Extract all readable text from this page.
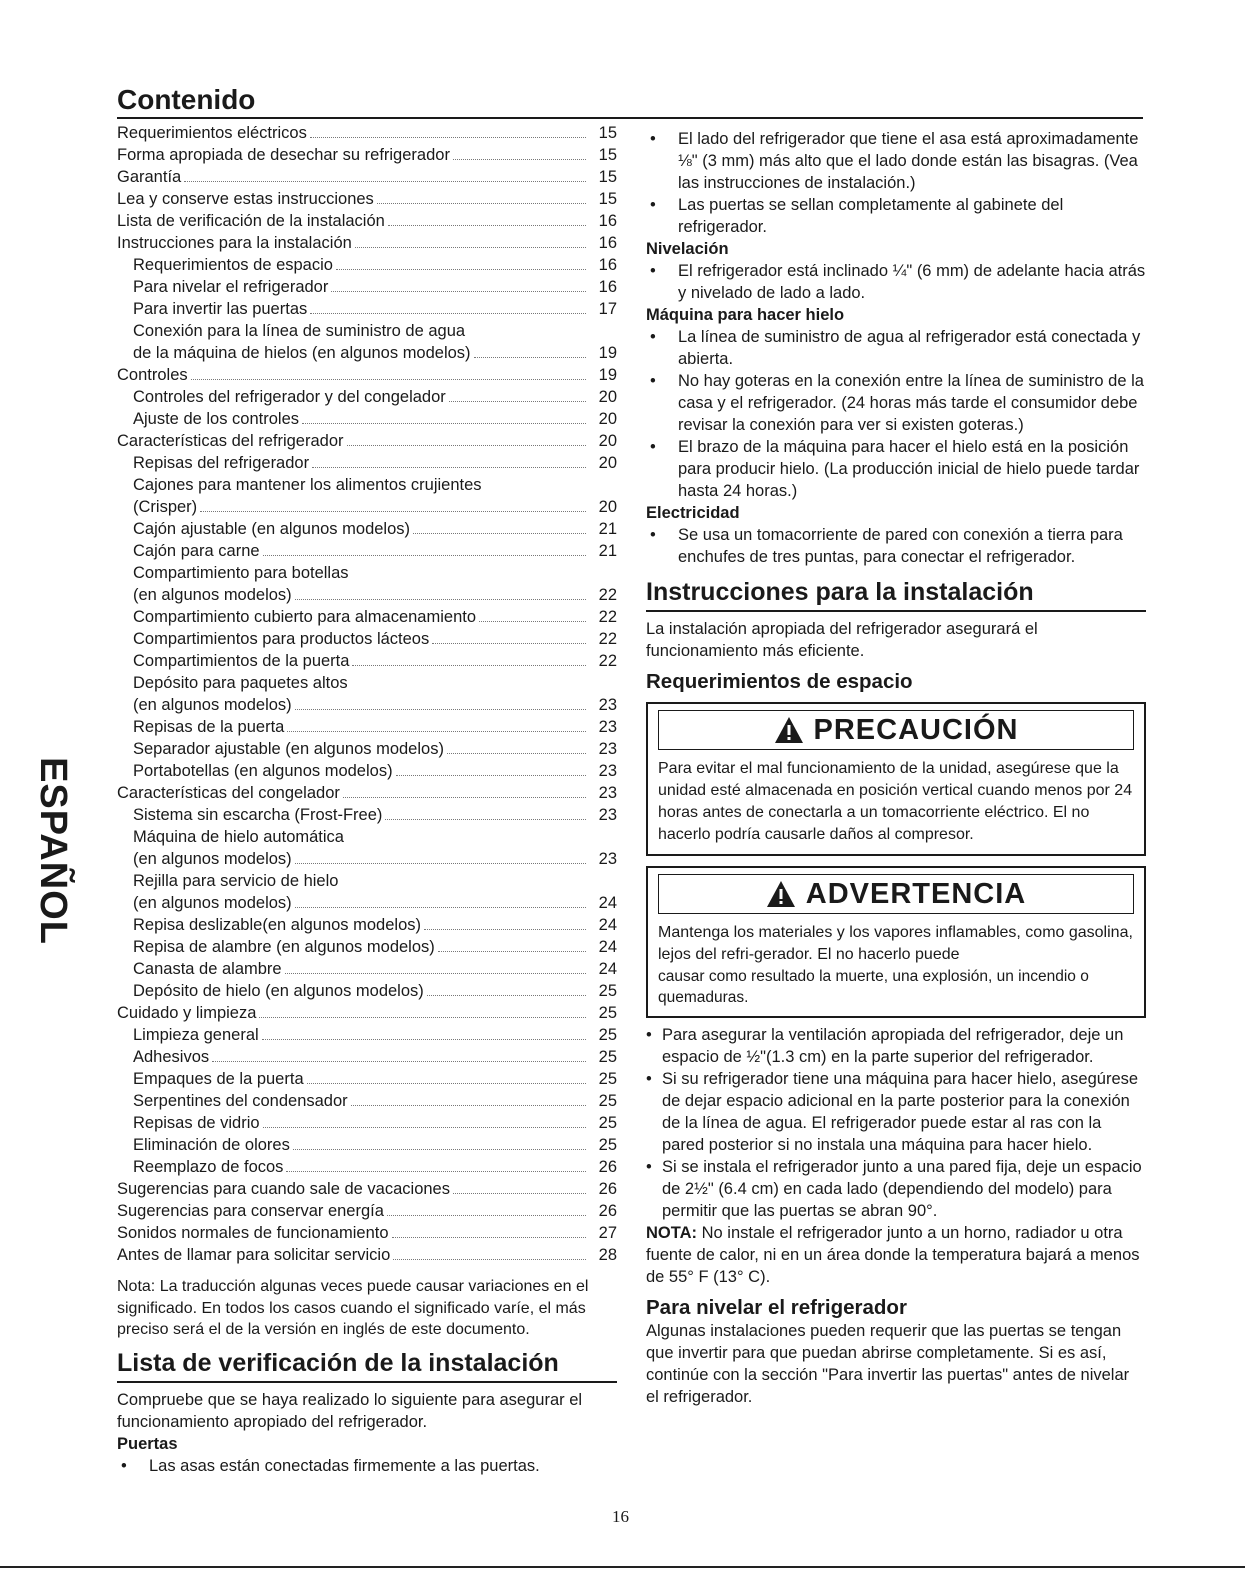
Contenido
Requerimientos eléctricos	15
Forma apropiada de desechar su refrigerador	15
Garantía	15
Lea y conserve estas instrucciones	15
Lista de verificación de la instalación	16
Instrucciones para la instalación	16
Requerimientos de espacio	16
Para nivelar el refrigerador	16
Para invertir las puertas	17
Conexión para la línea de suministro de agua
de la máquina de hielos (en algunos modelos)	19
Controles	19
Controles del refrigerador y del congelador	20
Ajuste de los controles	20
Características del refrigerador	20
Repisas del refrigerador	20
Cajones para mantener los alimentos crujientes
(Crisper)	20
Cajón ajustable (en algunos modelos)	21
Cajón para carne	21
Compartimiento para botellas
(en algunos modelos)	22
Compartimiento cubierto para almacenamiento	22
Compartimientos para productos lácteos	22
Compartimientos de la puerta	22
Depósito para paquetes altos
(en algunos modelos)	23
Repisas de la puerta	23
Separador ajustable (en algunos modelos)	23
Portabotellas (en algunos modelos)	23
Características del congelador	23
Sistema sin escarcha (Frost-Free)	23
Máquina de hielo automática
(en algunos modelos)	23
Rejilla para servicio de hielo
(en algunos modelos)	24
Repisa deslizable(en algunos modelos)	24
Repisa de alambre (en algunos modelos)	24
Canasta de alambre	24
Depósito de hielo (en algunos modelos)	25
Cuidado y limpieza	25
Limpieza general	25
Adhesivos	25
Empaques de la puerta	25
Serpentines del condensador	25
Repisas de vidrio	25
Eliminación de olores	25
Reemplazo de focos	26
Sugerencias para cuando sale de vacaciones	26
Sugerencias para conservar energía	26
Sonidos normales de funcionamiento	27
Antes de llamar para solicitar servicio	28
Nota: La traducción algunas veces puede causar variaciones en el significado. En todos los casos cuando el significado varíe, el más preciso será el de la versión en inglés de este documento.
Lista de verificación de la instalación
Compruebe que se haya realizado lo siguiente para asegurar el funcionamiento apropiado del refrigerador.
Puertas
• Las asas están conectadas firmemente a las puertas.
• El lado del refrigerador que tiene el asa está aproximadamente ⅛" (3 mm) más alto que el lado donde están las bisagras. (Vea las instrucciones de instalación.)
• Las puertas se sellan completamente al gabinete del refrigerador.
Nivelación
• El refrigerador está inclinado ¼" (6 mm) de adelante hacia atrás y nivelado de lado a lado.
Máquina para hacer hielo
• La línea de suministro de agua al refrigerador está conectada y abierta.
• No hay goteras en la conexión entre la línea de suministro de la casa y el refrigerador. (24 horas más tarde el consumidor debe revisar la conexión para ver si existen goteras.)
• El brazo de la máquina para hacer el hielo está en la posición para producir hielo. (La producción inicial de hielo puede tardar hasta 24 horas.)
Electricidad
• Se usa un tomacorriente de pared con conexión a tierra para enchufes de tres puntas, para conectar el refrigerador.
Instrucciones para la instalación
La instalación apropiada del refrigerador asegurará el funcionamiento más eficiente.
Requerimientos de espacio
PRECAUCIÓN
Para evitar el mal funcionamiento de la unidad, asegúrese que la unidad esté almacenada en posición vertical cuando menos por 24 horas antes de conectarla a un tomacorriente eléctrico. El no hacerlo podría causarle daños al compresor.
ADVERTENCIA
Mantenga los materiales y los vapores inflamables, como gasolina, lejos del refri-gerador. El no hacerlo puede
causar como resultado la muerte, una explosión, un incendio o quemaduras.
• Para asegurar la ventilación apropiada del refrigerador, deje un espacio de ½"(1.3 cm) en la parte superior del refrigerador.
• Si su refrigerador tiene una máquina para hacer hielo, asegúrese de dejar espacio adicional en la parte posterior para la conexión de la línea de agua. El refrigerador puede estar al ras con la pared posterior si no instala una máquina para hacer hielo.
• Si se instala el refrigerador junto a una pared fija, deje un espacio de 2½" (6.4 cm) en cada lado (dependiendo del modelo) para permitir que las puertas se abran 90°.
NOTA: No instale el refrigerador junto a un horno, radiador u otra fuente de calor, ni en un área donde la temperatura bajará a menos de 55° F (13° C).
Para nivelar el refrigerador
Algunas instalaciones pueden requerir que las puertas se tengan que invertir para que puedan abrirse completamente. Si es así, continúe con la sección "Para invertir las puertas" antes de nivelar el refrigerador.
ESPAÑOL
16
